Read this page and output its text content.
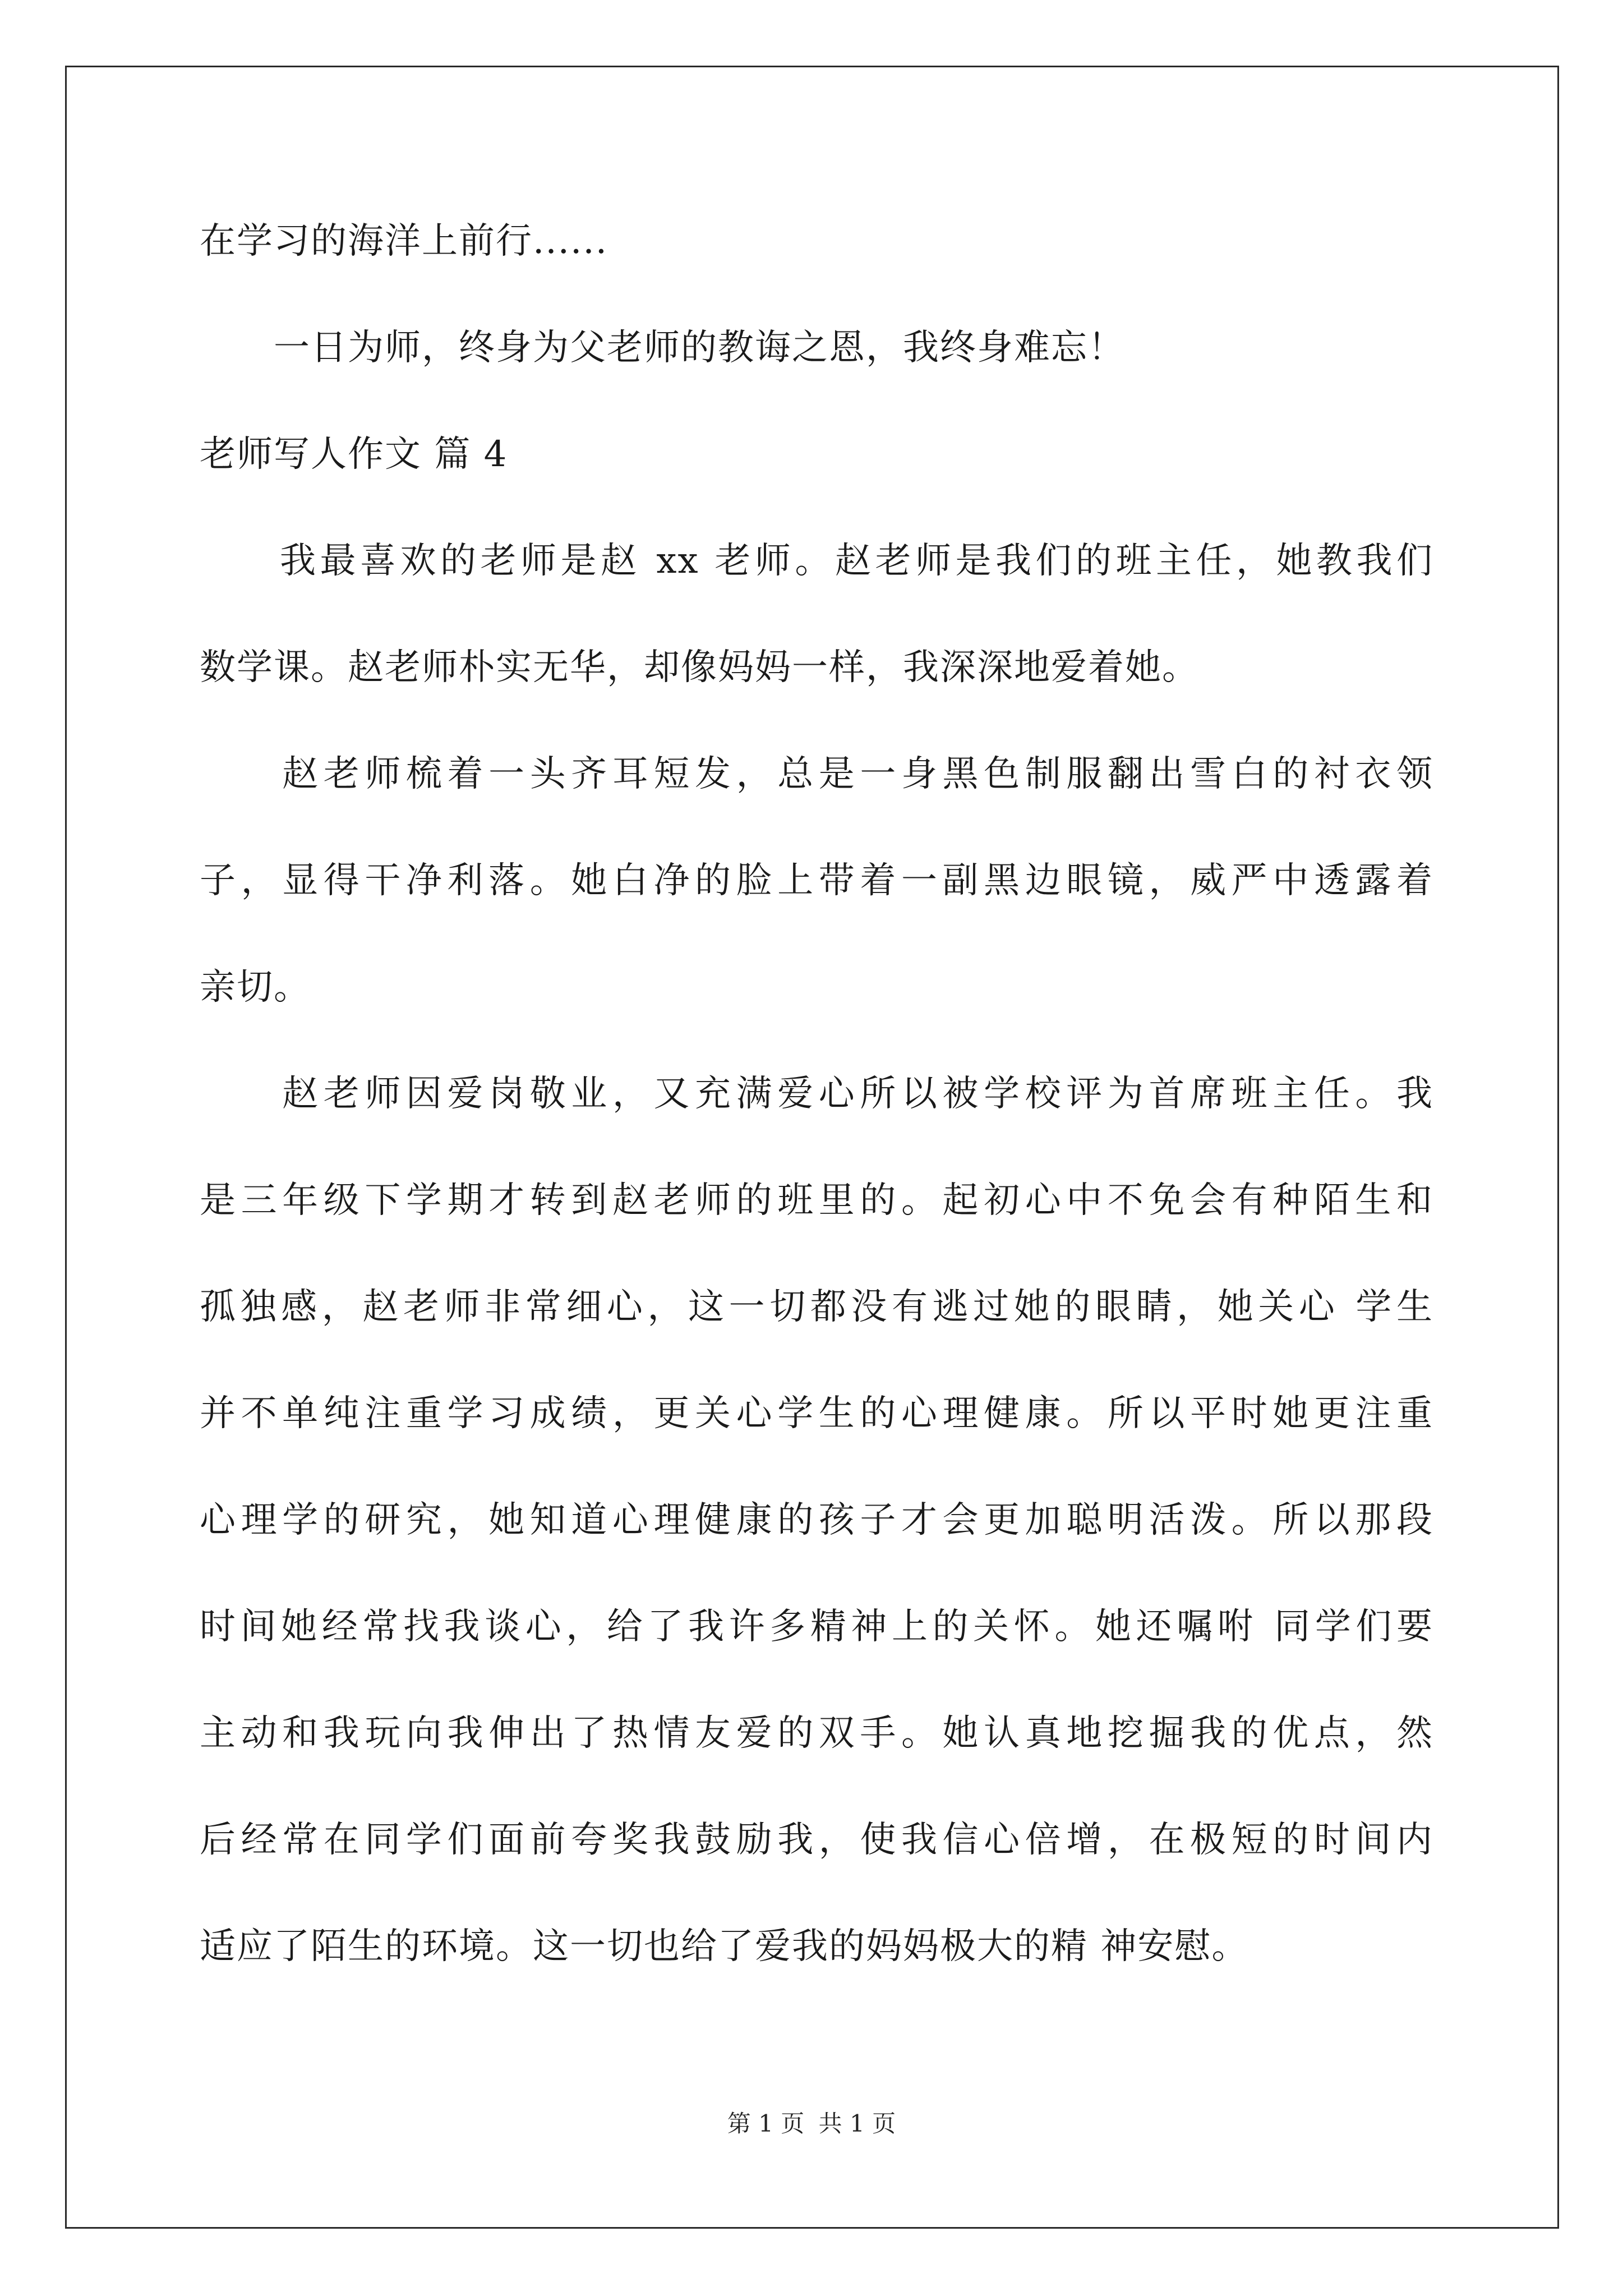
在学习的海洋上前行......
　　一日为师，终身为父老师的教诲之恩，我终身难忘！
老师写人作文 篇 4
　　我最喜欢的老师是赵 xx 老师。赵老师是我们的班主任，她教我们
数学课。赵老师朴实无华，却像妈妈一样，我深深地爱着她。
　　赵老师梳着一头齐耳短发，总是一身黑色制服翻出雪白的衬衣领
子，显得干净利落。她白净的脸上带着一副黑边眼镜，威严中透露着
亲切。
　　赵老师因爱岗敬业，又充满爱心所以被学校评为首席班主任。我
是三年级下学期才转到赵老师的班里的。起初心中不免会有种陌生和
孤独感，赵老师非常细心，这一切都没有逃过她的眼睛，她关心 学生
并不单纯注重学习成绩，更关心学生的心理健康。所以平时她更注重
心理学的研究，她知道心理健康的孩子才会更加聪明活泼。所以那段
时间她经常找我谈心，给了我许多精神上的关怀。她还嘱咐 同学们要
主动和我玩向我伸出了热情友爱的双手。她认真地挖掘我的优点，然
后经常在同学们面前夸奖我鼓励我，使我信心倍增，在极短的时间内
适应了陌生的环境。这一切也给了爱我的妈妈极大的精 神安慰。
第 1 页 共 1 页
